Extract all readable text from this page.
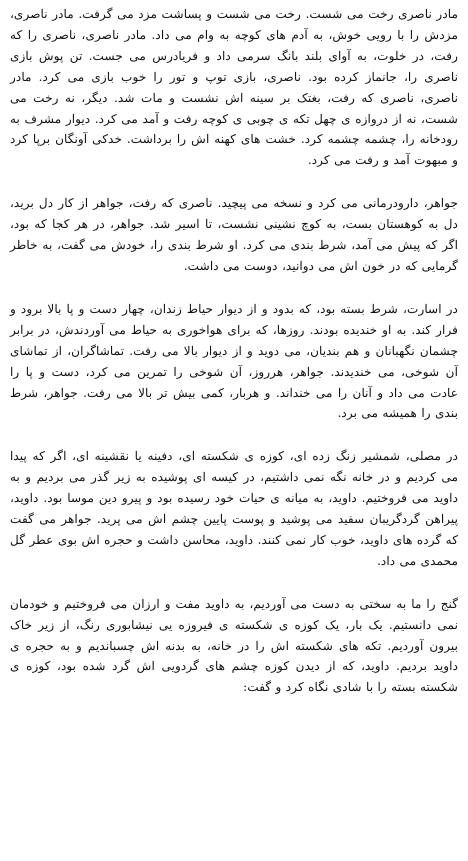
مادر ناصری رخت می شست. رخت می شست و پساشت مزد می گرفت. مادر ناصری، مزدش را با رویی خوش، به آدم های کوچه به وام می داد. مادر ناصری، ناصری را که رفت، در خلوت، به آوای بلند بانگ سرمی داد و فریادرس می جست. تن پوش بازی ناصری را، جانماز کرده بود. ناصری، بازی توپ و تور را خوب بازی می کرد. مادر ناصری، ناصری که رفت، بغتک بر سینه اش نشست و مات شد. دیگر، نه رخت می شست، نه از دروازه ی چهل تکه ی چوبی ی کوچه رفت و آمد می کرد. دیوار مشرف به رودخانه را، چشمه چشمه کرد. خشت های کهنه اش را برداشت. خدکی آونگان برپا کرد و مبهوت آمد و رفت می کرد.

جواهر، دارودرمانی می کرد و نسخه می پیچید. ناصری که رفت، جواهر از کار دل برید، دل به کوهستان بست، به کوچ نشینی نشست، تا اسیر شد. جواهر، در هر کجا که بود، اگر که پیش می آمد، شرط بندی می کرد. او شرط بندی را، خودش می گفت، به خاطر گرمایی که در خون اش می دوانید، دوست می داشت.

در اسارت، شرط بسته بود، که بدود و از دیوار حیاط زندان، چهار دست و پا بالا برود و فرار کند. به او خندیده بودند. روزها، که برای هواخوری به حیاط می آوردندش، در برابر چشمان نگهبانان و هم بندیان، می دوید و از دیوار بالا می رفت. تماشاگران، از تماشای آن شوخی، می خندیدند. جواهر، هرروز، آن شوخی را تمرین می کرد، دست و پا را عادت می داد و آنان را می خنداند. و هربار، کمی بیش تر بالا می رفت. جواهر، شرط بندی را همیشه می برد.

در مصلی، شمشیر زنگ زده ای، کوزه ی شکسته ای، دفینه یا نقشینه ای، اگر که پیدا می کردیم و در خانه نگه نمی داشتیم، در کیسه ای پوشیده به زیر گذر می بردیم و به داوید می فروختیم. داوید، به میانه ی حیات خود رسیده بود و پیرو دین موسا بود. داوید، پیراهن گردگریبان سفید می پوشید و پوست پایین چشم اش می پرید. جواهر می گفت که گرده های داوید، خوب کار نمی کنند. داوید، محاسن داشت و حجره اش بوی عطر گل محمدی می داد.

گنج را ما به سختی به دست می آوردیم، به داوید مفت و ارزان می فروختیم و خودمان نمی دانستیم. یک بار، یک کوزه ی شکسته ی فیروزه یی نیشابوری رنگ، از زیر خاک بیرون آوردیم. تکه های شکسته اش را در خانه، به بدنه اش چسباندیم و به حجره ی داوید بردیم. داوید، که از دیدن کوزه چشم های گردویی اش گرد شده بود، کوزه ی شکسته بسته را با شادی نگاه کرد و گفت:
